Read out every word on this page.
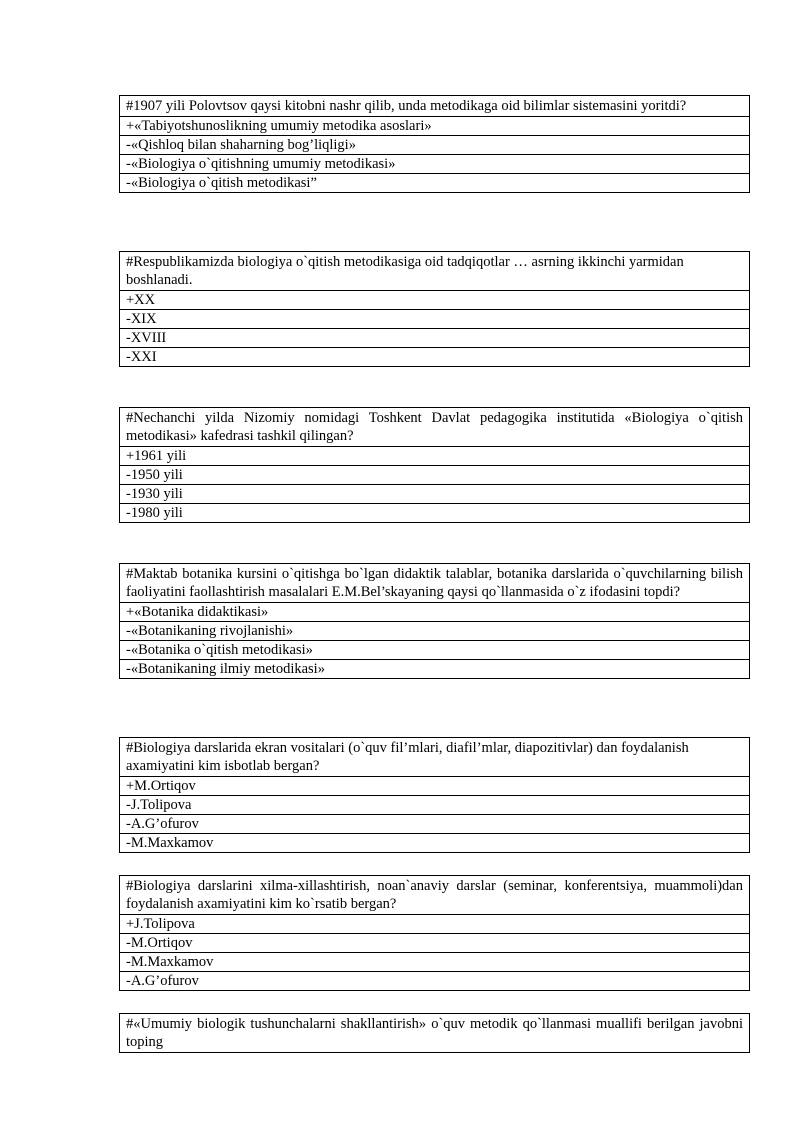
#1907 yili Polovtsov qaysi kitobni nashr qilib, unda metodikaga oid bilimlar sistemasini yoritdi?
+«Tabiyotshunoslikning umumiy metodika asoslari»
-«Qishloq bilan shaharning bog’liqligi»
-«Biologiya o`qitishning umumiy metodikasi»
-«Biologiya o`qitish metodikasi”
#Respublikamizda biologiya o`qitish metodikasiga oid tadqiqotlar … asrning ikkinchi yarmidan boshlanadi.
+XX
-XIX
-XVIII
-XXI
#Nechanchi yilda Nizomiy nomidagi Toshkent Davlat pedagogika institutida «Biologiya o`qitish metodikasi» kafedrasi tashkil qilingan?
+1961 yili
-1950 yili
-1930 yili
-1980 yili
#Maktab botanika kursini o`qitishga bo`lgan didaktik talablar, botanika darslarida o`quvchilarning bilish faoliyatini faollashtirish masalalari E.M.Bel’skayaning qaysi qo`llanmasida o`z ifodasini topdi?
+«Botanika didaktikasi»
-«Botanikaning rivojlanishi»
-«Botanika o`qitish metodikasi»
-«Botanikaning ilmiy metodikasi»
#Biologiya darslarida ekran vositalari (o`quv fil’mlari, diafil’mlar, diapozitivlar) dan foydalanish axamiyatini kim isbotlab bergan?
+M.Ortiqov
-J.Tolipova
-A.G’ofurov
-M.Maxkamov
#Biologiya darslarini xilma-xillashtirish, noan`anaviy darslar (seminar, konferentsiya, muammoli)dan foydalanish axamiyatini kim ko`rsatib bergan?
+J.Tolipova
-M.Ortiqov
-M.Maxkamov
-A.G’ofurov
#«Umumiy biologik tushunchalarni shakllantirish» o`quv metodik qo`llanmasi muallifi berilgan javobni toping
